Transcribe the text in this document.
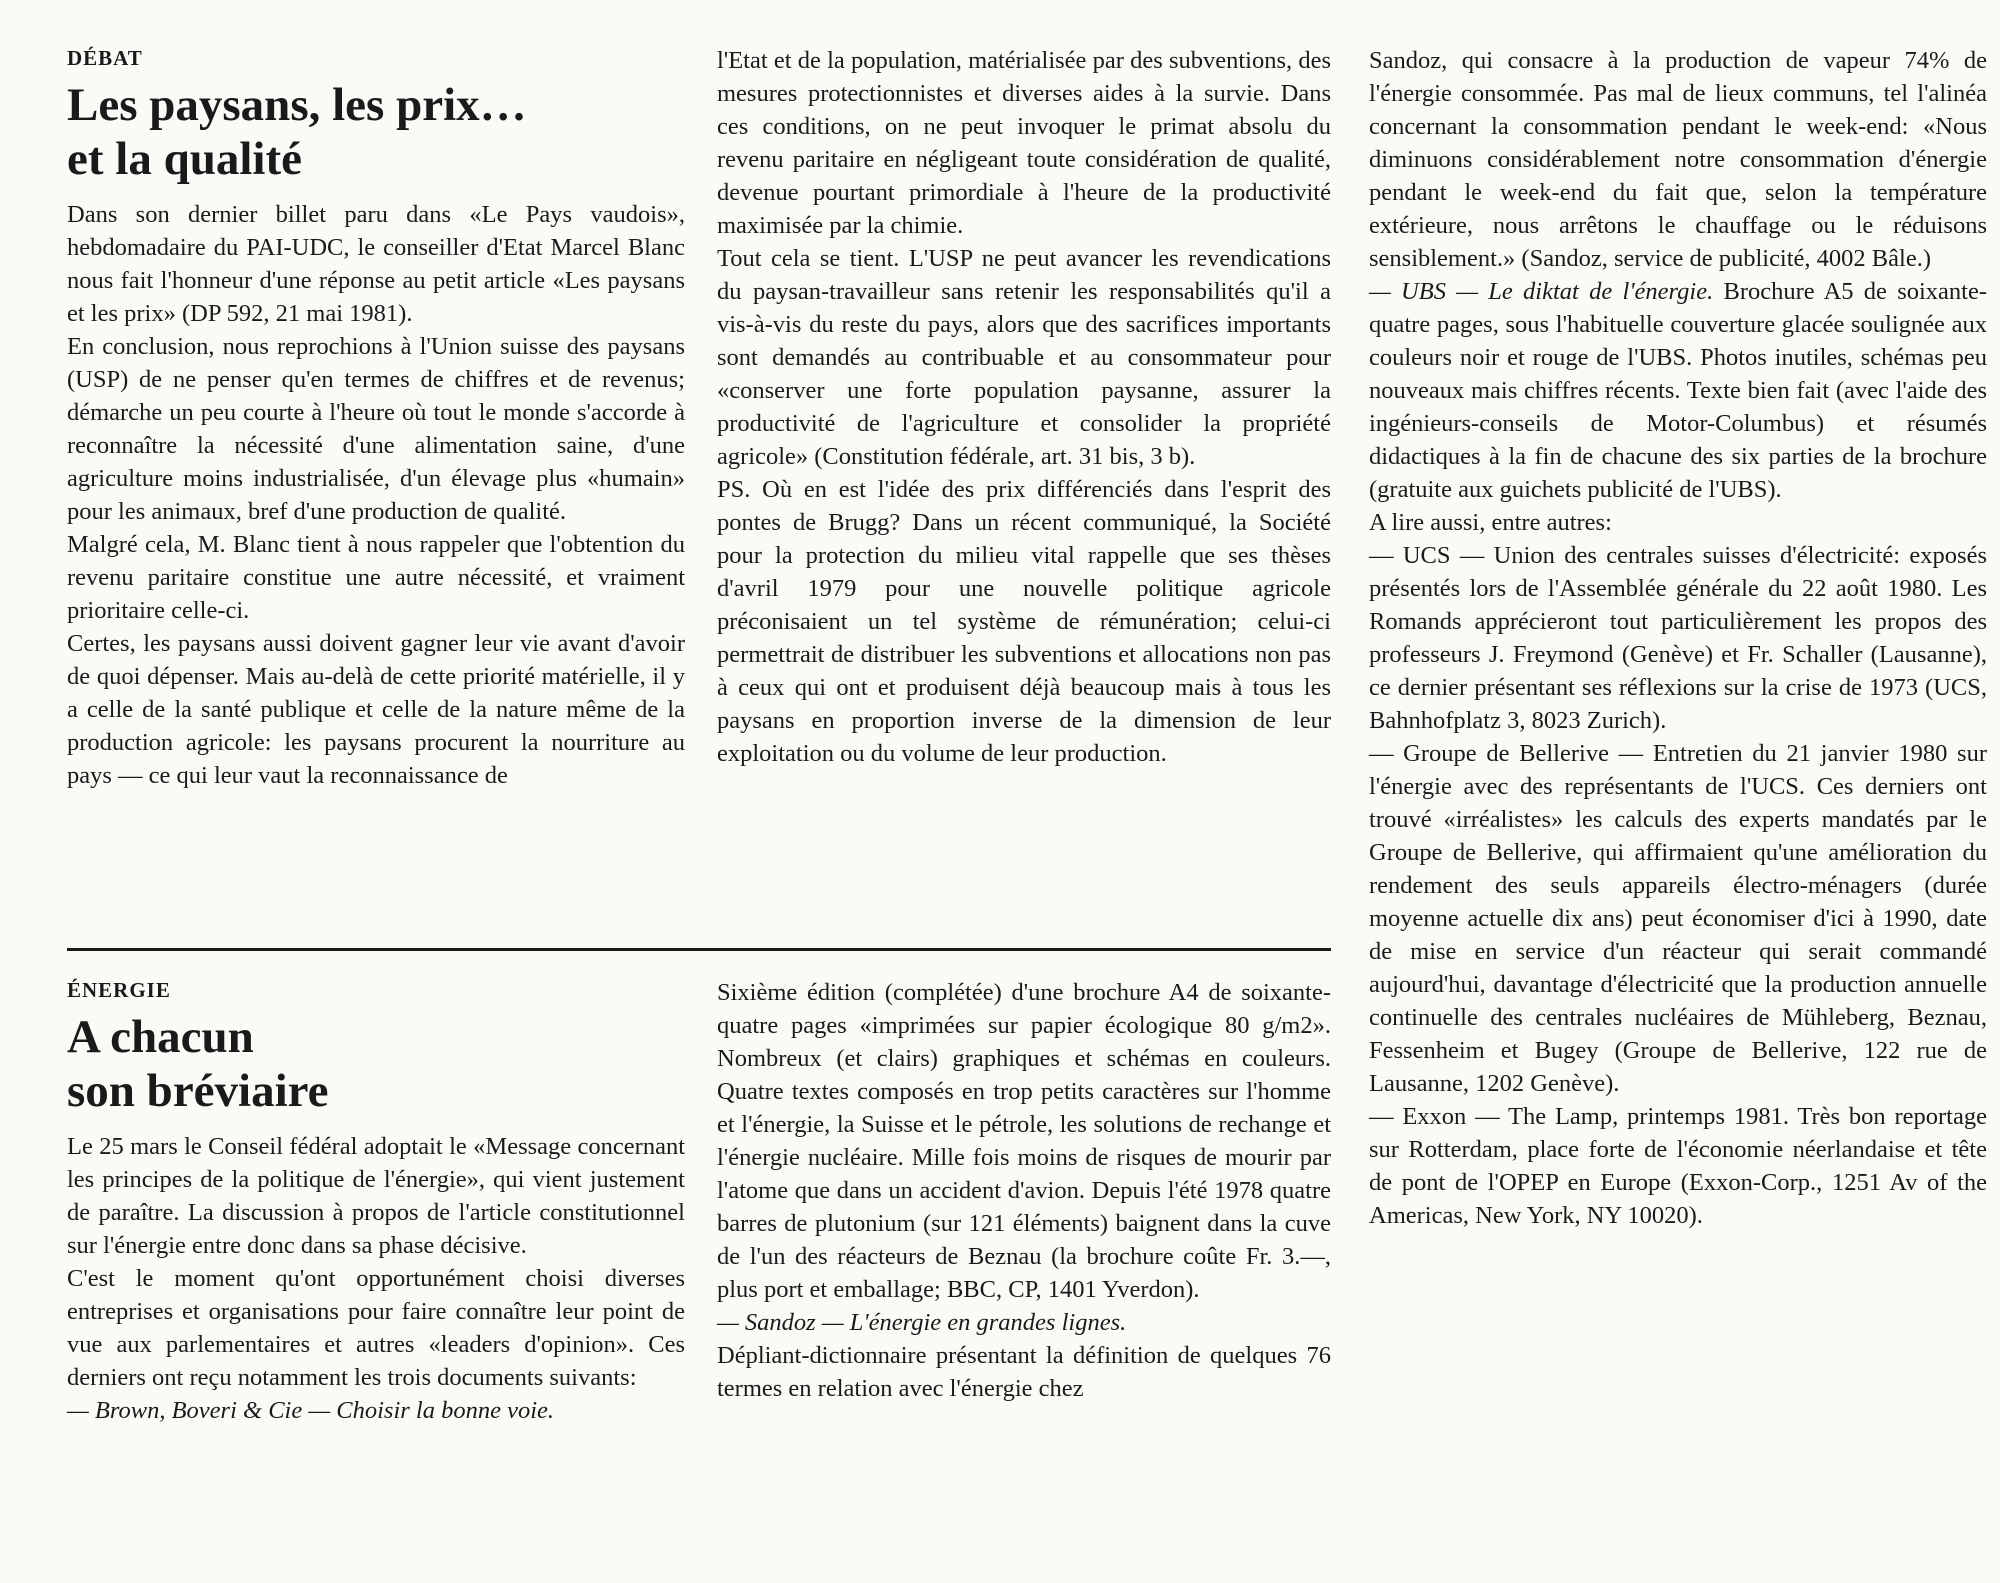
DÉBAT

Les paysans, les prix…
et la qualité

Dans son dernier billet paru dans «Le Pays vaudois», hebdomadaire du PAI-UDC, le conseiller d'Etat Marcel Blanc nous fait l'honneur d'une réponse au petit article «Les paysans et les prix» (DP 592, 21 mai 1981).

En conclusion, nous reprochions à l'Union suisse des paysans (USP) de ne penser qu'en termes de chiffres et de revenus; démarche un peu courte à l'heure où tout le monde s'accorde à reconnaître la nécessité d'une alimentation saine, d'une agriculture moins industrialisée, d'un élevage plus «humain» pour les animaux, bref d'une production de qualité.

Malgré cela, M. Blanc tient à nous rappeler que l'obtention du revenu paritaire constitue une autre nécessité, et vraiment prioritaire celle-ci.

Certes, les paysans aussi doivent gagner leur vie avant d'avoir de quoi dépenser. Mais au-delà de cette priorité matérielle, il y a celle de la santé publique et celle de la nature même de la production agricole: les paysans procurent la nourriture au pays — ce qui leur vaut la reconnaissance de

l'Etat et de la population, matérialisée par des subventions, des mesures protectionnistes et diverses aides à la survie. Dans ces conditions, on ne peut invoquer le primat absolu du revenu paritaire en négligeant toute considération de qualité, devenue pourtant primordiale à l'heure de la productivité maximisée par la chimie.

Tout cela se tient. L'USP ne peut avancer les revendications du paysan-travailleur sans retenir les responsabilités qu'il a vis-à-vis du reste du pays, alors que des sacrifices importants sont demandés au contribuable et au consommateur pour «conserver une forte population paysanne, assurer la productivité de l'agriculture et consolider la propriété agricole» (Constitution fédérale, art. 31 bis, 3 b).

PS. Où en est l'idée des prix différenciés dans l'esprit des pontes de Brugg? Dans un récent communiqué, la Société pour la protection du milieu vital rappelle que ses thèses d'avril 1979 pour une nouvelle politique agricole préconisaient un tel système de rémunération; celui-ci permettrait de distribuer les subventions et allocations non pas à ceux qui ont et produisent déjà beaucoup mais à tous les paysans en proportion inverse de la dimension de leur exploitation ou du volume de leur production.

ÉNERGIE

A chacun
son bréviaire

Le 25 mars le Conseil fédéral adoptait le «Message concernant les principes de la politique de l'énergie», qui vient justement de paraître. La discussion à propos de l'article constitutionnel sur l'énergie entre donc dans sa phase décisive.

C'est le moment qu'ont opportunément choisi diverses entreprises et organisations pour faire connaître leur point de vue aux parlementaires et autres «leaders d'opinion». Ces derniers ont reçu notamment les trois documents suivants:

— Brown, Boveri & Cie — Choisir la bonne voie.

Sixième édition (complétée) d'une brochure A4 de soixante-quatre pages «imprimées sur papier écologique 80 g/m2». Nombreux (et clairs) graphiques et schémas en couleurs. Quatre textes composés en trop petits caractères sur l'homme et l'énergie, la Suisse et le pétrole, les solutions de rechange et l'énergie nucléaire. Mille fois moins de risques de mourir par l'atome que dans un accident d'avion. Depuis l'été 1978 quatre barres de plutonium (sur 121 éléments) baignent dans la cuve de l'un des réacteurs de Beznau (la brochure coûte Fr. 3.—, plus port et emballage; BBC, CP, 1401 Yverdon).

— Sandoz — L'énergie en grandes lignes.

Dépliant-dictionnaire présentant la définition de quelques 76 termes en relation avec l'énergie chez

Sandoz, qui consacre à la production de vapeur 74% de l'énergie consommée. Pas mal de lieux communs, tel l'alinéa concernant la consommation pendant le week-end: «Nous diminuons considérablement notre consommation d'énergie pendant le week-end du fait que, selon la température extérieure, nous arrêtons le chauffage ou le réduisons sensiblement.» (Sandoz, service de publicité, 4002 Bâle.)

— UBS — Le diktat de l'énergie. Brochure A5 de soixante-quatre pages, sous l'habituelle couverture glacée soulignée aux couleurs noir et rouge de l'UBS. Photos inutiles, schémas peu nouveaux mais chiffres récents. Texte bien fait (avec l'aide des ingénieurs-conseils de Motor-Columbus) et résumés didactiques à la fin de chacune des six parties de la brochure (gratuite aux guichets publicité de l'UBS).

A lire aussi, entre autres:

— UCS — Union des centrales suisses d'électricité: exposés présentés lors de l'Assemblée générale du 22 août 1980. Les Romands apprécieront tout particulièrement les propos des professeurs J. Freymond (Genève) et Fr. Schaller (Lausanne), ce dernier présentant ses réflexions sur la crise de 1973 (UCS, Bahnhofplatz 3, 8023 Zurich).

— Groupe de Bellerive — Entretien du 21 janvier 1980 sur l'énergie avec des représentants de l'UCS. Ces derniers ont trouvé «irréalistes» les calculs des experts mandatés par le Groupe de Bellerive, qui affirmaient qu'une amélioration du rendement des seuls appareils électro-ménagers (durée moyenne actuelle dix ans) peut économiser d'ici à 1990, date de mise en service d'un réacteur qui serait commandé aujourd'hui, davantage d'électricité que la production annuelle continuelle des centrales nucléaires de Mühleberg, Beznau, Fessenheim et Bugey (Groupe de Bellerive, 122 rue de Lausanne, 1202 Genève).

— Exxon — The Lamp, printemps 1981. Très bon reportage sur Rotterdam, place forte de l'économie néerlandaise et tête de pont de l'OPEP en Europe (Exxon-Corp., 1251 Av of the Americas, New York, NY 10020).
